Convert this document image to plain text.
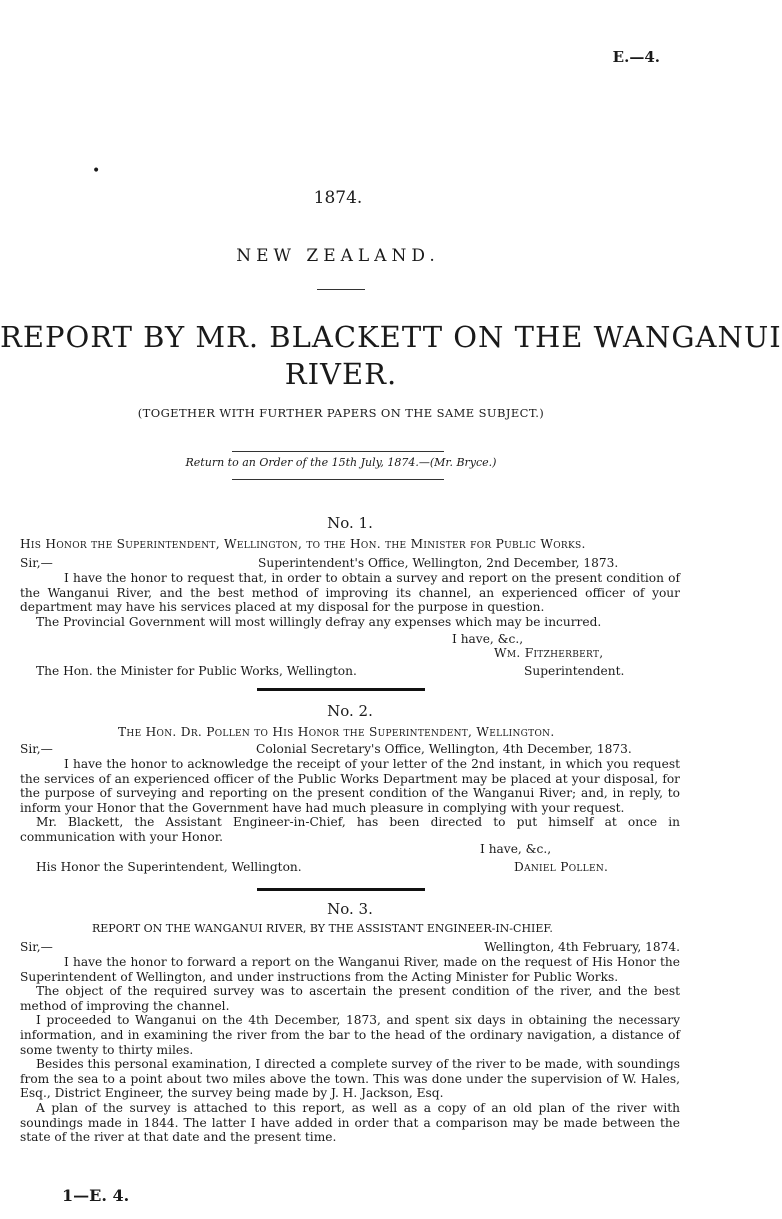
E.—4.
•
1874.
NEW ZEALAND.
REPORT BY MR. BLACKETT ON THE WANGANUI
RIVER.
(TOGETHER WITH FURTHER PAPERS ON THE SAME SUBJECT.)
Return to an Order of the 15th July, 1874.—(Mr. Bryce.)
No. 1.
His Honor the Superintendent, Wellington, to the Hon. the Minister for Public Works.
Sir,—	Superintendent's Office, Wellington, 2nd December, 1873.

I have the honor to request that, in order to obtain a survey and report on the present condition of the Wanganui River, and the best method of improving its channel, an experienced officer of your department may have his services placed at my disposal for the purpose in question.

The Provincial Government will most willingly defray any expenses which may be incurred.

I have, &c.,
Wm. Fitzherbert,
The Hon. the Minister for Public Works, Wellington.	Superintendent.
No. 2.
The Hon. Dr. Pollen to His Honor the Superintendent, Wellington.
Sir,—	Colonial Secretary's Office, Wellington, 4th December, 1873.

I have the honor to acknowledge the receipt of your letter of the 2nd instant, in which you request the services of an experienced officer of the Public Works Department may be placed at your disposal, for the purpose of surveying and reporting on the present condition of the Wanganui River; and, in reply, to inform your Honor that the Government have had much pleasure in complying with your request.

Mr. Blackett, the Assistant Engineer-in-Chief, has been directed to put himself at once in communication with your Honor.

I have, &c.,
His Honor the Superintendent, Wellington.	Daniel Pollen.
No. 3.
REPORT ON THE WANGANUI RIVER, BY THE ASSISTANT ENGINEER-IN-CHIEF.
Sir,—	Wellington, 4th February, 1874.

I have the honor to forward a report on the Wanganui River, made on the request of His Honor the Superintendent of Wellington, and under instructions from the Acting Minister for Public Works.

The object of the required survey was to ascertain the present condition of the river, and the best method of improving the channel.

I proceeded to Wanganui on the 4th December, 1873, and spent six days in obtaining the necessary information, and in examining the river from the bar to the head of the ordinary navigation, a distance of some twenty to thirty miles.

Besides this personal examination, I directed a complete survey of the river to be made, with soundings from the sea to a point about two miles above the town. This was done under the supervision of W. Hales, Esq., District Engineer, the survey being made by J. H. Jackson, Esq.

A plan of the survey is attached to this report, as well as a copy of an old plan of the river with soundings made in 1844. The latter I have added in order that a comparison may be made between the state of the river at that date and the present time.

1—E. 4.
